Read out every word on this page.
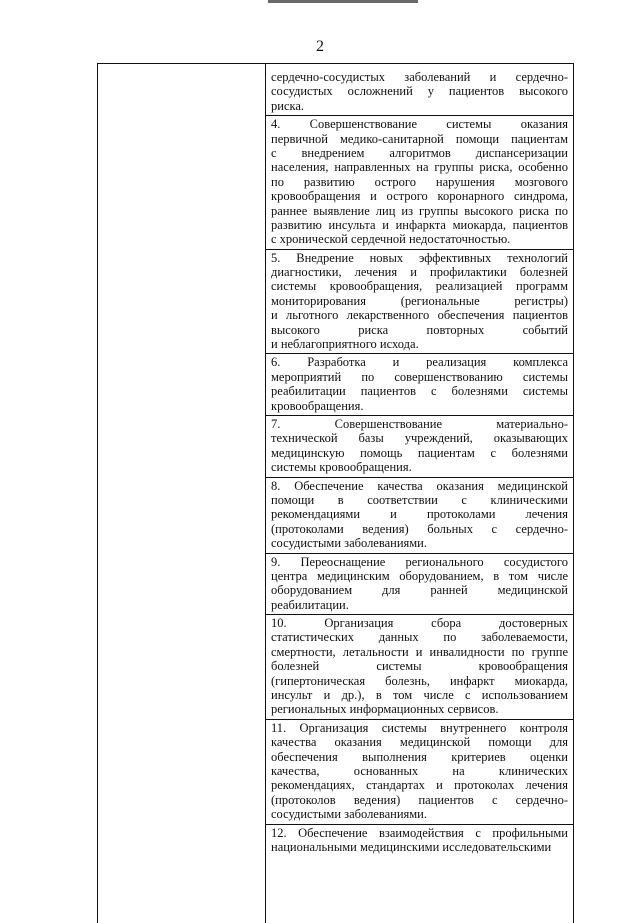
2
сердечно-сосудистых заболеваний и сердечно-
сосудистых осложнений у пациентов высокого
риска.
4. Совершенствование системы оказания
первичной медико-санитарной помощи пациентам
с внедрением алгоритмов диспансеризации
населения, направленных на группы риска, особенно
по развитию острого нарушения мозгового
кровообращения и острого коронарного синдрома,
раннее выявление лиц из группы высокого риска по
развитию инсульта и инфаркта миокарда, пациентов
с хронической сердечной недостаточностью.
5. Внедрение новых эффективных технологий
диагностики, лечения и профилактики болезней
системы кровообращения, реализацией программ
мониторирования (региональные регистры)
и льготного лекарственного обеспечения пациентов
высокого риска повторных событий
и неблагоприятного исхода.
6. Разработка и реализация комплекса
мероприятий по совершенствованию системы
реабилитации пациентов с болезнями системы
кровообращения.
7. Совершенствование материально-
технической базы учреждений, оказывающих
медицинскую помощь пациентам с болезнями
системы кровообращения.
8. Обеспечение качества оказания медицинской
помощи в соответствии с клиническими
рекомендациями и протоколами лечения
(протоколами ведения) больных с сердечно-
сосудистыми заболеваниями.
9. Переоснащение регионального сосудистого
центра медицинским оборудованием, в том числе
оборудованием для ранней медицинской
реабилитации.
10. Организация сбора достоверных
статистических данных по заболеваемости,
смертности, летальности и инвалидности по группе
болезней системы кровообращения
(гипертоническая болезнь, инфаркт миокарда,
инсульт и др.), в том числе с использованием
региональных информационных сервисов.
11. Организация системы внутреннего контроля
качества оказания медицинской помощи для
обеспечения выполнения критериев оценки
качества, основанных на клинических
рекомендациях, стандартах и протоколах лечения
(протоколов ведения) пациентов с сердечно-
сосудистыми заболеваниями.
12. Обеспечение взаимодействия с профильными
национальными медицинскими исследовательскими
